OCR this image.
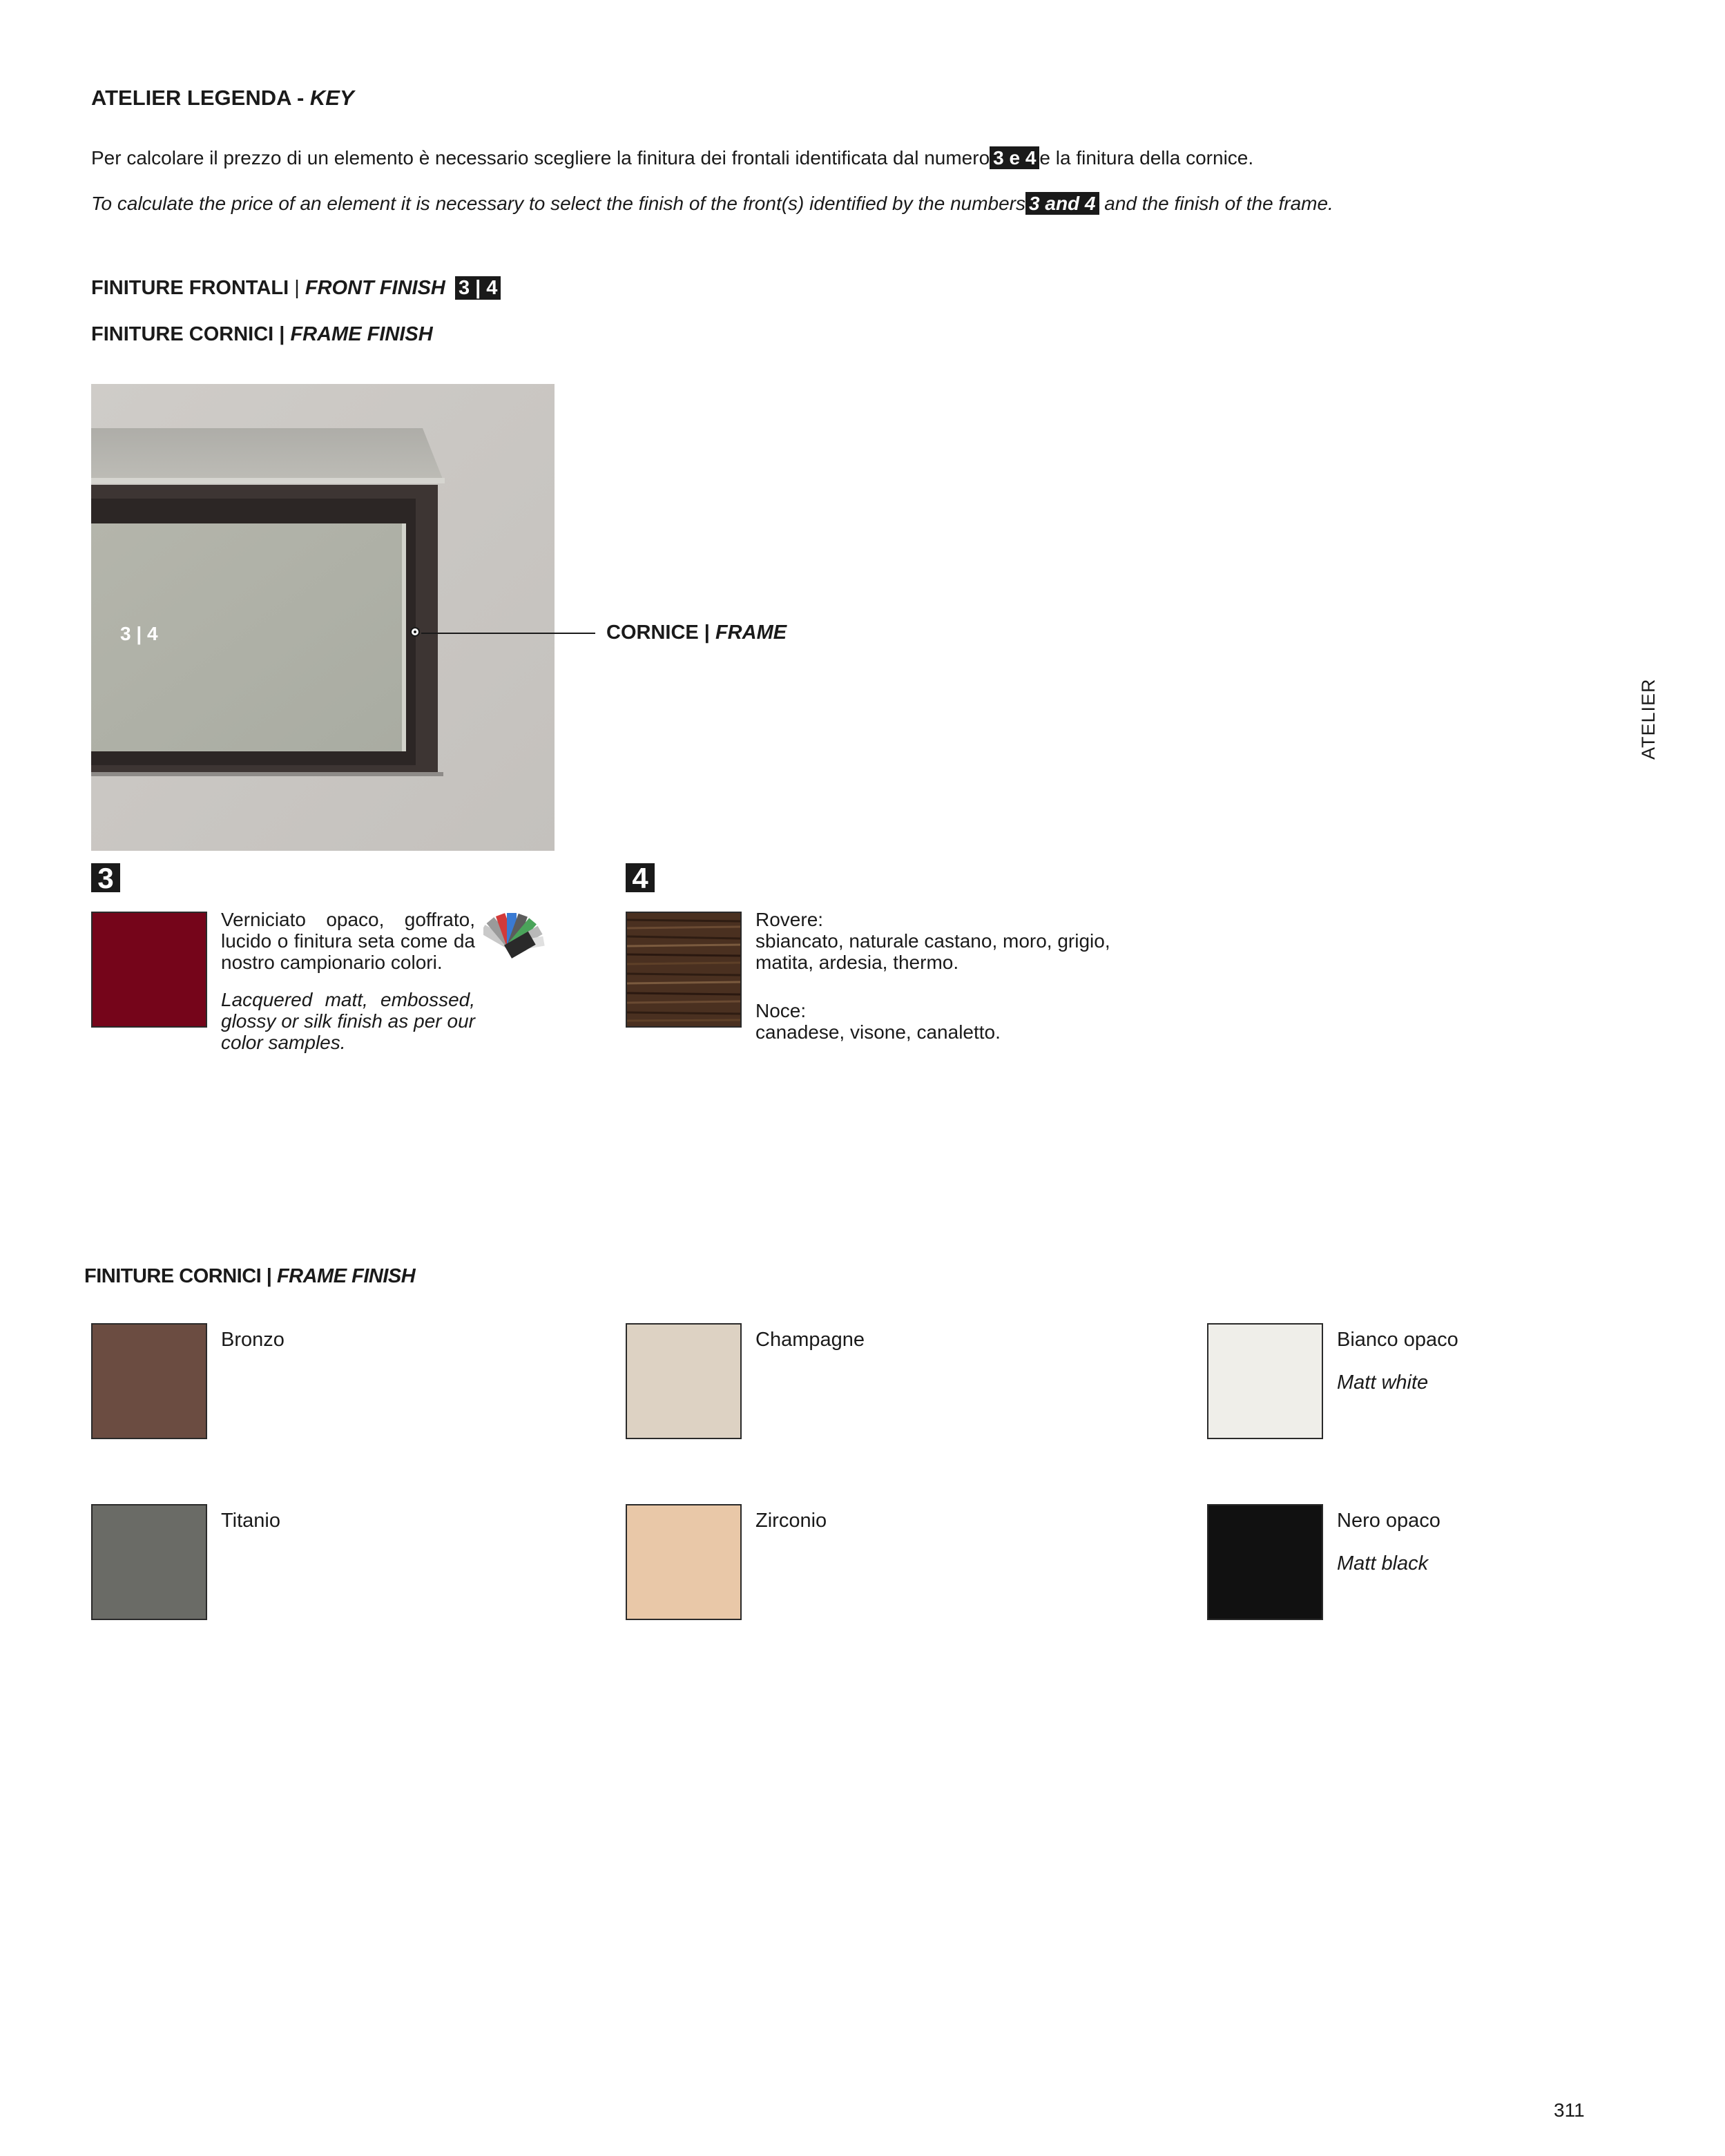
ATELIER LEGENDA - KEY
Per calcolare il prezzo di un elemento è necessario scegliere la finitura dei frontali identificata dal numero 3 e 4 e la finitura della cornice.
To calculate the price of an element it is necessary to select the finish of the front(s) identified by the numbers 3 and 4 and the finish of the frame.
FINITURE FRONTALI | FRONT FINISH 3 | 4
FINITURE CORNICI | FRAME FINISH
3 | 4	CORNICE | FRAME
3
Verniciato opaco, goffrato, lucido o finitura seta come da nostro campionario colori.
Lacquered matt, embossed, glossy or silk finish as per our color samples.
4
Rovere:
sbiancato, naturale castano, moro, grigio, matita, ardesia, thermo.
Noce:
canadese, visone, canaletto.
FINITURE CORNICI | FRAME FINISH
Bronzo	Champagne	Bianco opaco
Matt white
Titanio	Zirconio	Nero opaco
Matt black
ATELIER
311
